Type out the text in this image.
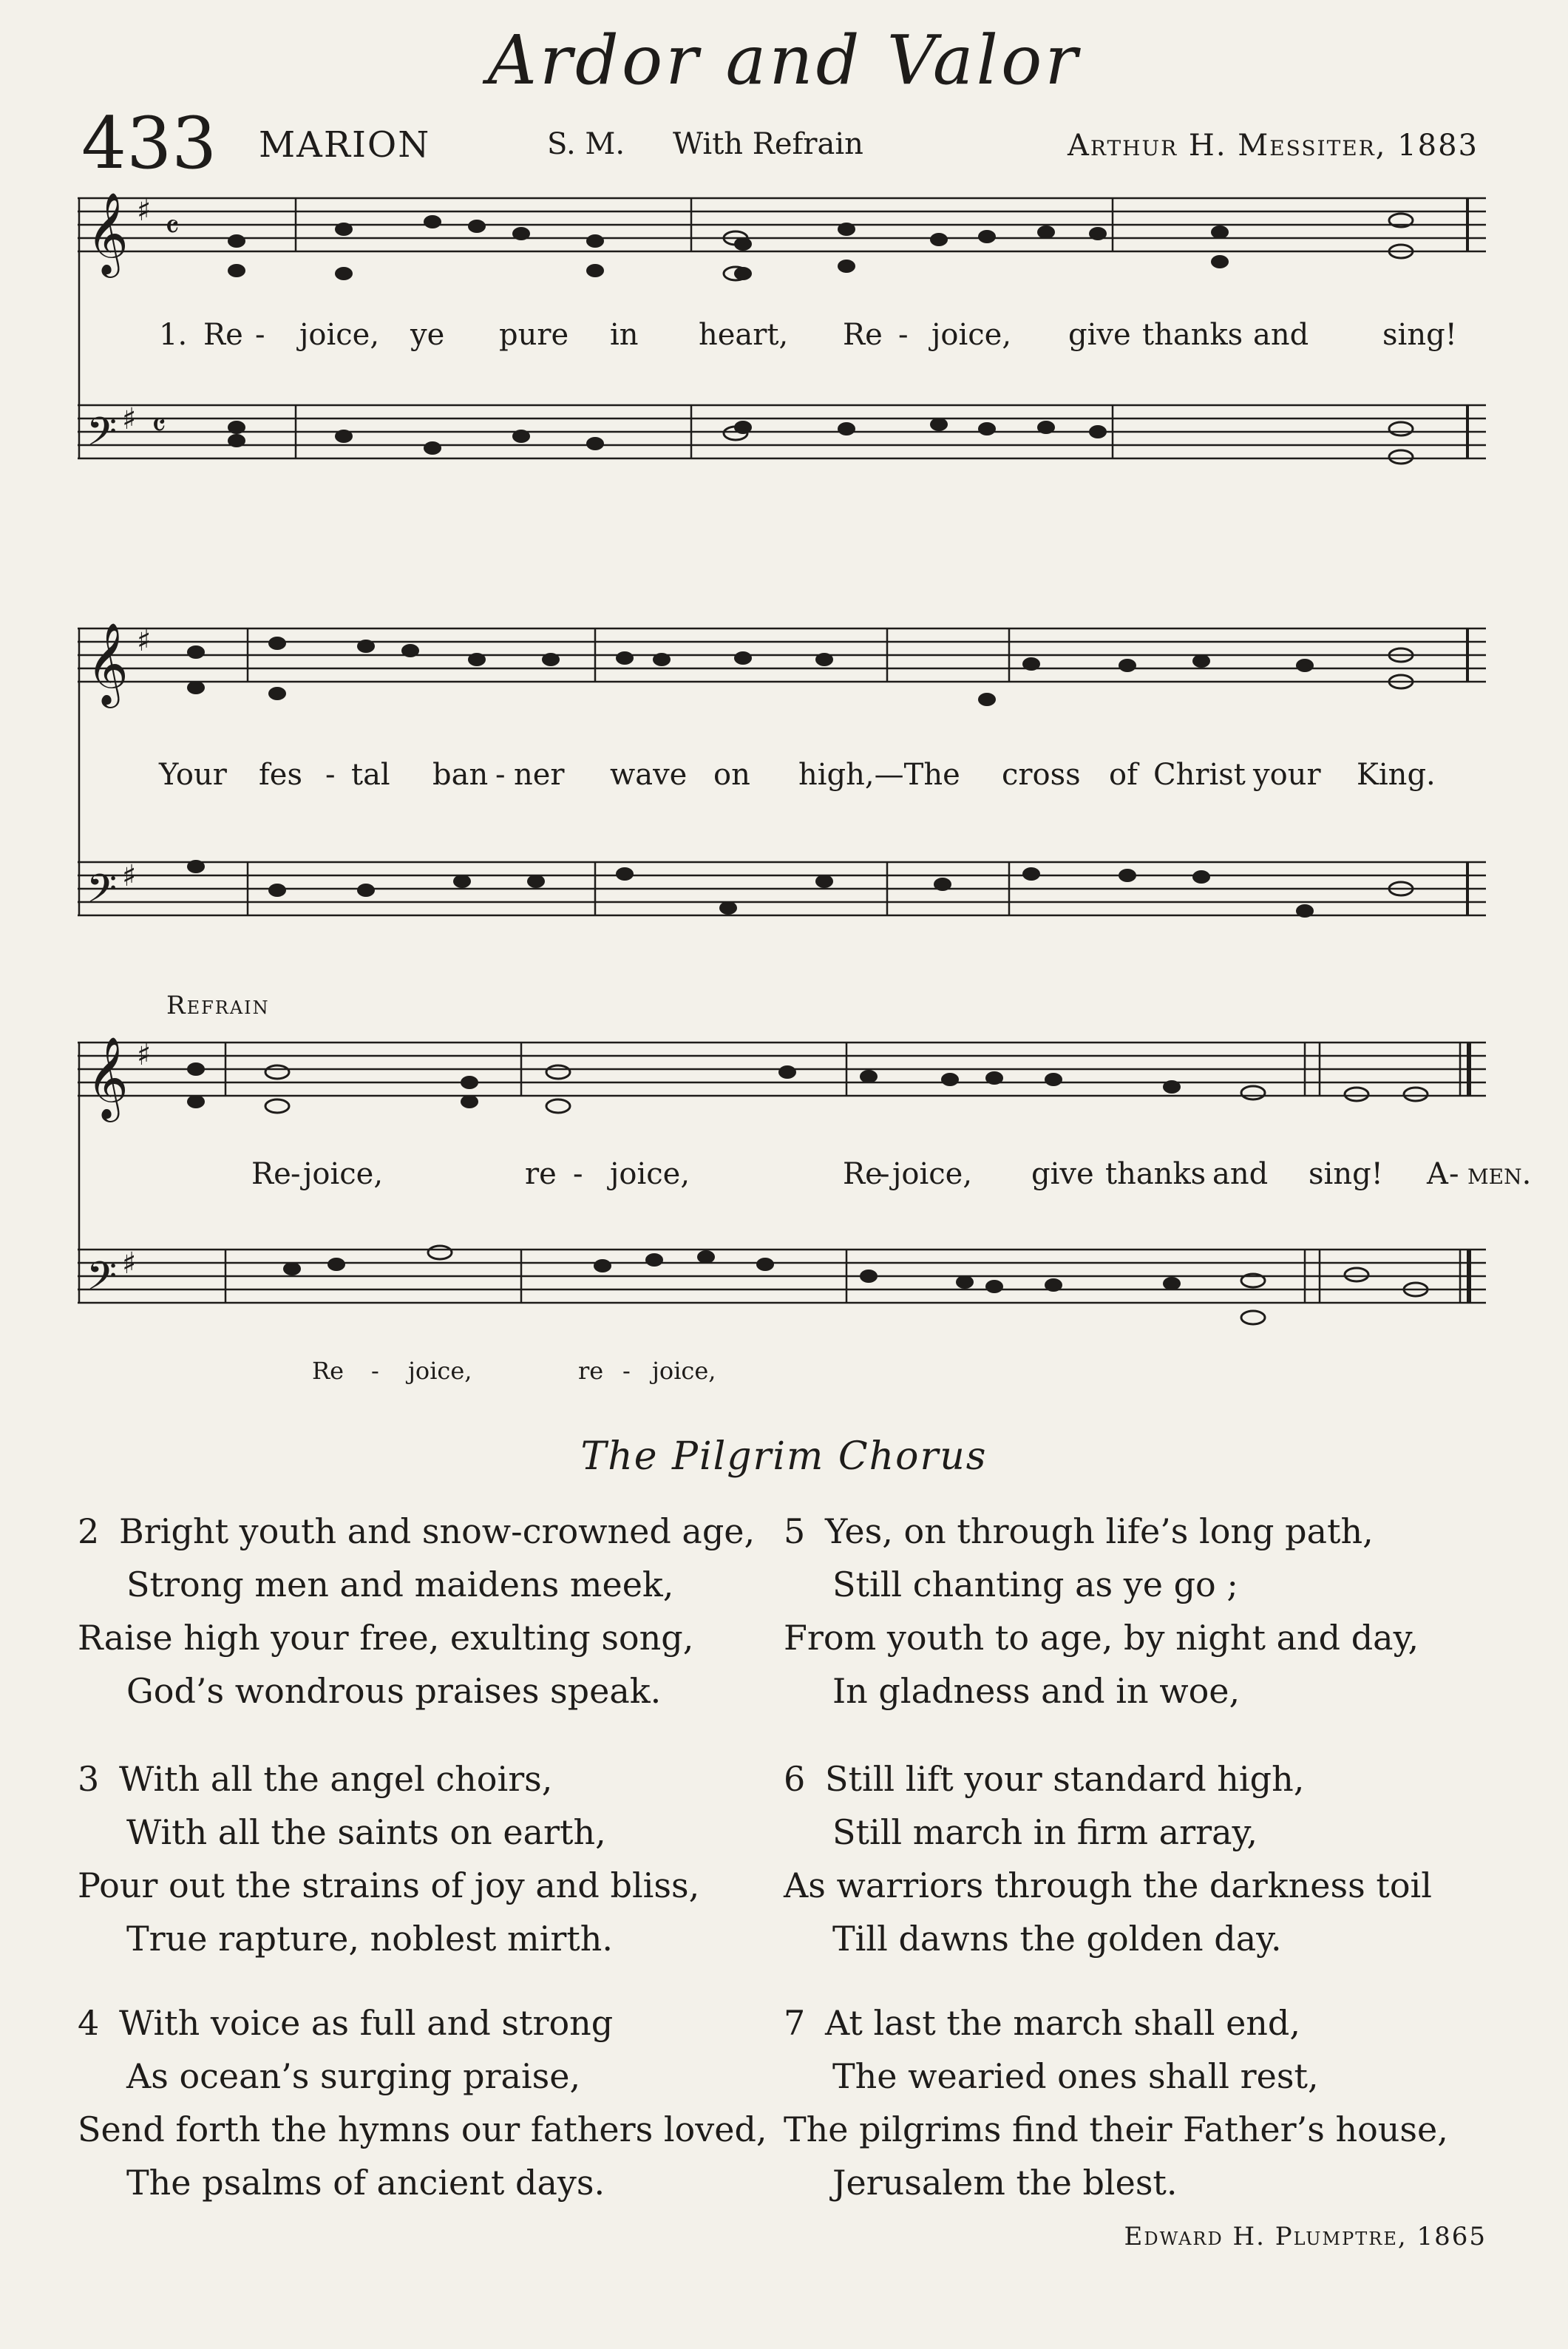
Ardor and Valor
433 MARION	S. M. With Refrain	Arthur H. Messiter, 1883
𝄞
𝄢
♯
♯
𝄴
𝄴
1. Re - joice, ye pure in heart, Re - joice, give thanks and sing!
𝄞
𝄢
♯
♯
Your fes - tal ban - ner wave on high,—The cross of Christ your King.
Refrain
𝄞
𝄢
♯
♯
Re - joice,	re - joice,	Re
- joice, give thanks and sing! A - men.
Re - joice,	re - joice,
The Pilgrim Chorus
2 Bright youth and snow-crowned age,
Strong men and maidens meek,
Raise high your free, exulting song,
God’s wondrous praises speak.
3 With all the angel choirs,
With all the saints on earth,
Pour out the strains of joy and bliss,
True rapture, noblest mirth.
4 With voice as full and strong
As ocean’s surging praise,
Send forth the hymns our fathers loved,
The psalms of ancient days.
5 Yes, on through life’s long path,
Still chanting as ye go ;
From youth to age, by night and day,
In gladness and in woe,
6 Still lift your standard high,
Still march in firm array,
As warriors through the darkness toil
Till dawns the golden day.
7 At last the march shall end,
The wearied ones shall rest,
The pilgrims find their Father’s house,
Jerusalem the blest.
Edward H. Plumptre, 1865
